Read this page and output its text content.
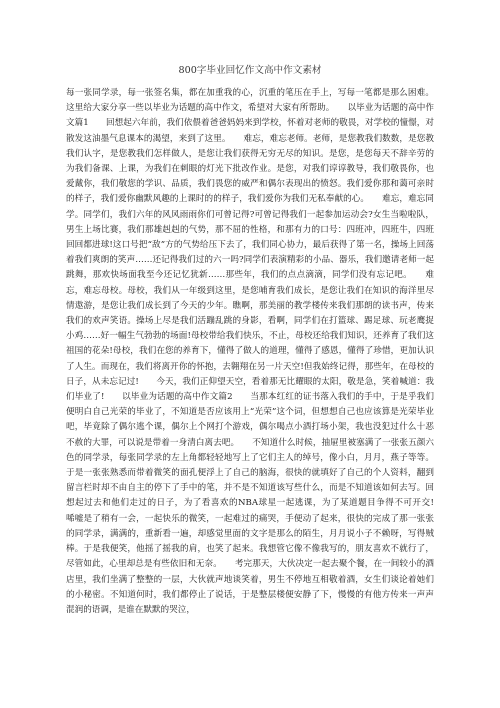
800字毕业回忆作文高中作文素材

每一张同学录，每一张签名集，都在加重我的心，沉重的笔压在手上，写每一笔都是那么困难。这里给大家分享一些以毕业为话题的高中作文，希望对大家有所帮助。　　以毕业为话题的高中作文篇1　　回想起六年前，我们依偎着爸爸妈妈来到学校，怀着对老师的敬畏，对学校的憧憬，对散发这油墨气息课本的渴望，来到了这里。　　难忘，难忘老师。老师，是您教我们数数，是您教我们认字，是您教我们怎样做人，是您让我们获得无穷无尽的知识。是您，是您每天不辞辛劳的为我们备课、上课，为我们在刺眼的灯光下批改作业。是您，对我们谆谆教导，我们敬畏你，也爱戴你，我们敬您的学识、品质，我们畏您的威严和偶尔表现出的愤怒。我们爱你那和蔼可亲时的样子，我们爱你幽默风趣的上课时的的样子，我们爱你为我们无私奉献的心。　　难忘，难忘同学。同学们，我们六年的风风雨雨你们可曾记得?可曾记得我们一起参加运动会?女生当啦啦队，男生上场比赛，我们那雄赳赳的气势，那不屈的性格，和那有力的口号：四班冲，四班牛，四班回回都进球!这口号把“敌”方的气势给压下去了，我们同心协力，最后获得了第一名，操场上回荡着我们爽朗的笑声……还记得我们过的六一吗?同学们表演精彩的小品、器乐，我们邀请老师一起跳舞，那欢快场面我至今还记忆犹新……那些年，我们的点点滴滴，同学们没有忘记吧。　　难忘，难忘母校。母校，我们从一年级到这里，是您哺育我们成长，是您让我们在知识的海洋里尽情遨游，是您让我们成长到了今天的少年。瞧啊，那美丽的教学楼传来我们那朗的读书声，传来我们的欢声笑语。操场上尽是我们活蹦乱跳的身影，看啊，同学们在打篮球、踢足球、玩老鹰捉小鸡……好一幅生气勃勃的场面!母校带给我们快乐，不止，母校还给我们知识，还养育了我们这祖国的花朵!母校，我们在您的养育下，懂得了做人的道理，懂得了感恩，懂得了珍惜，更加认识了人生。而现在，我们将离开你的怀抱，去翱翔在另一片天空!但我始终记得，那些年，在母校的日子，从未忘记过!　　今天，我们正仰望天空，看着那无比耀眼的太阳，敬是急，笑着喊道：我们毕业了!　　以毕业为话题的高中作文篇2　　当那本红红的证书落入我们的手中，于是乎我们便明白自己光荣的毕业了，不知道是否应该用上“光荣”这个词，但想想自己也应该算是光荣毕业吧，毕竟除了偶尔逃个课，偶尔上个网打个游戏，偶尔喝点小酒打场小架，我也没犯过什么十恶不赦的大罪，可以说是带着一身清白离去吧。　　不知道什么时候，抽屉里被塞满了一张张五颜六色的同学录，每张同学录的左上角都轻轻地写上了它们主人的绰号，像小白，月月，燕子等等。于是一张张熟悉而带着微笑的面孔便浮上了自己的脑海，很快的就填好了自己的个人资料，翻到留言栏时却不由自主的停下了手中的笔，并不是不知道该写些什么，而是不知道该如何去写。回想起过去和他们走过的日子，为了看喜欢的NBA球星一起逃课，为了某道题目争得不可开交!　　唏嘘是了稍有一会，一起快乐的微笑，一起难过的痛哭，手便动了起来，很快的完成了那一张张的同学录，满满的，重新看一遍，却感觉里面的文字是那么的陌生，月月说小子不赖呀，写得贼棒。于是我便笑，他摇了摇我的肩，也笑了起来。我想管它像不像我写的，朋友喜欢不就行了，尽管如此，心里却总是有些依旧和无奈。　　考完那天，大伙决定一起去聚个餐，在一间较小的酒店里，我们坐满了整整的一层，大伙就声地谈笑着，男生不停地互相敬着酒，女生们谈论着她们的小秘密。不知道何时，我们都停止了说话，于是整层楼便安静了下，慢慢的有他方传来一声声混润的语调，是谁在默默的哭泣，
